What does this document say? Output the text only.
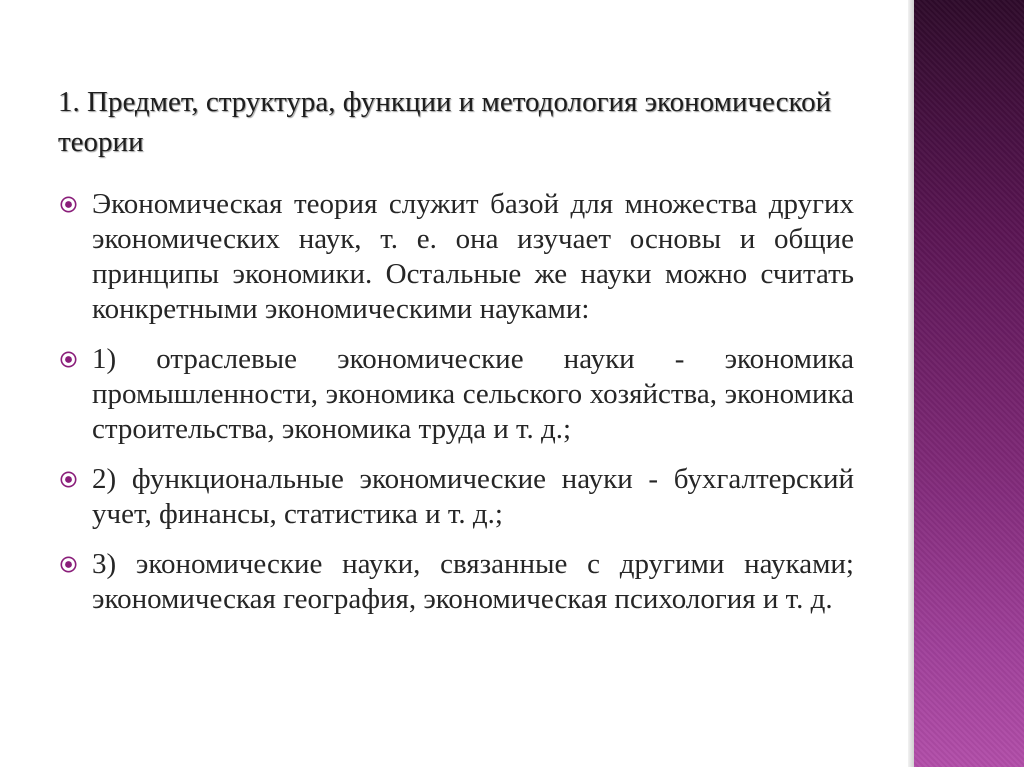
1. Предмет, структура, функции и методология экономической теории
Экономическая теория служит базой для множества других экономических наук, т. е. она изучает основы и общие принципы экономики. Остальные же науки можно считать конкретными экономическими науками:
1) отраслевые экономические науки - экономика промышленности, экономика сельского хозяйства, экономика строительства, экономика труда и т. д.;
2) функциональные экономические науки - бухгалтерский учет, финансы, статистика и т. д.;
3) экономические науки, связанные с другими науками; экономическая география, экономическая психология и т. д.
